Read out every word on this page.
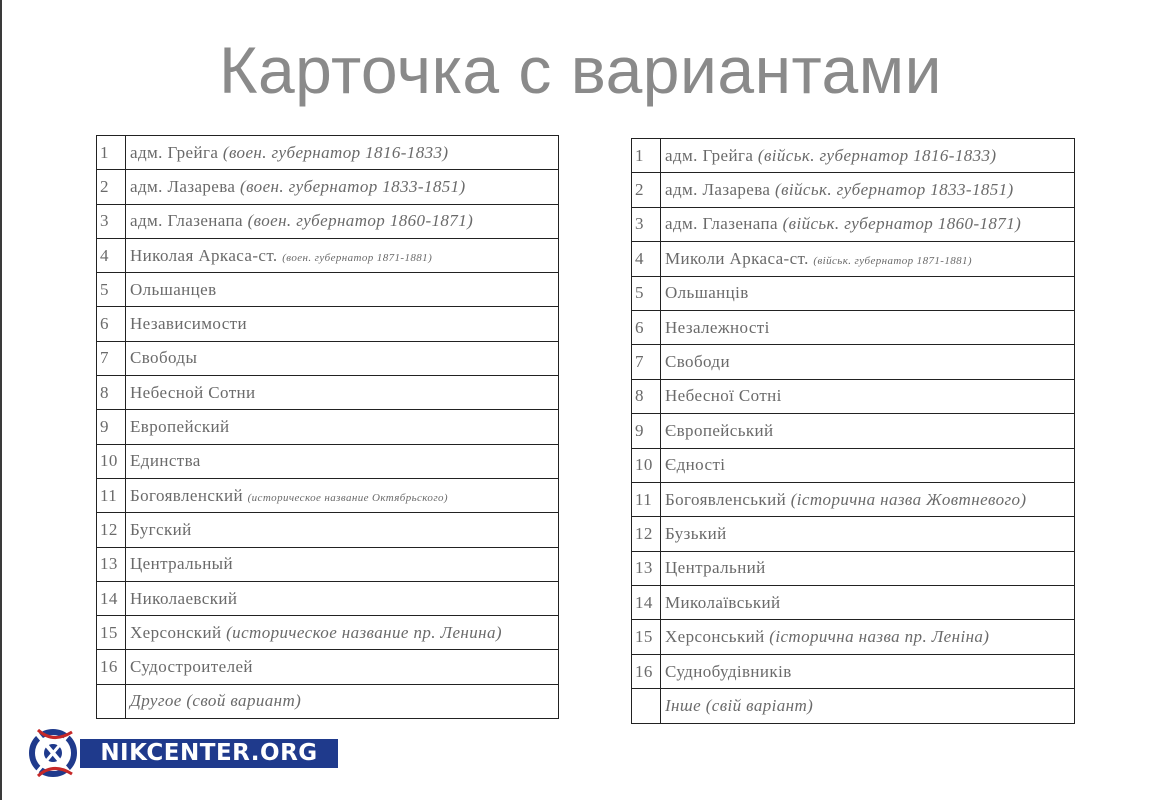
Карточка с вариантами
1	адм. Грейга (воен. губернатор 1816-1833)
2	адм. Лазарева (воен. губернатор 1833-1851)
3	адм. Глазенапа (воен. губернатор 1860-1871)
4	Николая Аркаса-ст. (воен. губернатор 1871-1881)
5	Ольшанцев
6	Независимости
7	Свободы
8	Небесной Сотни
9	Европейский
10	Единства
11	Богоявленский (историческое название Октябрьского)
12	Бугский
13	Центральный
14	Николаевский
15	Херсонский (историческое название пр. Ленина)
16	Судостроителей
	Другое (свой вариант)
1	адм. Грейга (військ. губернатор 1816-1833)
2	адм. Лазарева (військ. губернатор 1833-1851)
3	адм. Глазенапа (військ. губернатор 1860-1871)
4	Миколи Аркаса-ст. (військ. губернатор 1871-1881)
5	Ольшанців
6	Незалежності
7	Свободи
8	Небесної Сотні
9	Європейський
10	Єдності
11	Богоявленський (історична назва Жовтневого)
12	Бузький
13	Центральний
14	Миколаївський
15	Херсонський (історична назва пр. Леніна)
16	Суднобудівників
	Інше (свій варіант)
NIKCENTER.ORG
